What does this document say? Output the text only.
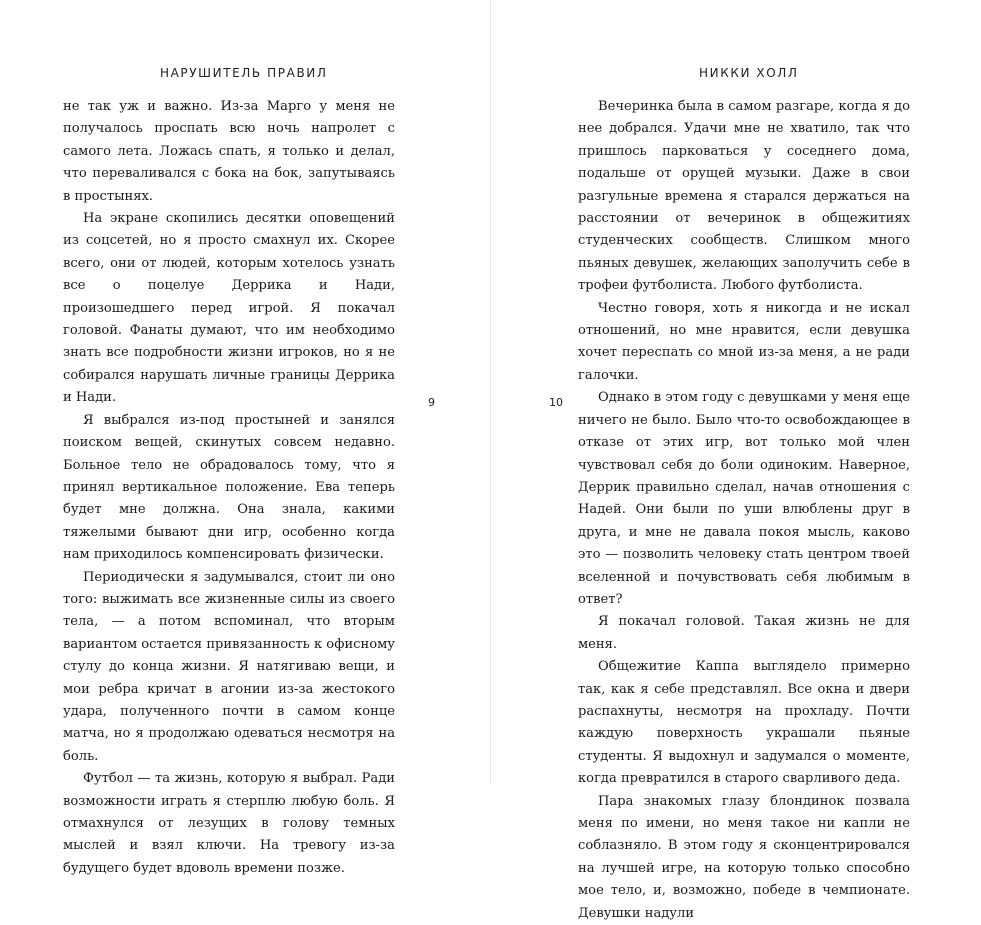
НАРУШИТЕЛЬ ПРАВИЛ
9

не так уж и важно. Из-за Марго у меня не получалось проспать всю ночь напролет с самого лета. Ложась спать, я только и делал, что переваливался с бока на бок, запутываясь в простынях.

На экране скопились десятки оповещений из соцсетей, но я просто смахнул их. Скорее всего, они от людей, которым хотелось узнать все о поцелуе Деррика и Нади, произошедшего перед игрой. Я покачал головой. Фанаты думают, что им необходимо знать все подробности жизни игроков, но я не собирался нарушать личные границы Деррика и Нади.

Я выбрался из-под простыней и занялся поиском вещей, скинутых совсем недавно. Больное тело не обрадовалось тому, что я принял вертикальное положение. Ева теперь будет мне должна. Она знала, какими тяжелыми бывают дни игр, особенно когда нам приходилось компенсировать физически.

Периодически я задумывался, стоит ли оно того: выжимать все жизненные силы из своего тела, — а потом вспоминал, что вторым вариантом остается привязанность к офисному стулу до конца жизни. Я натягиваю вещи, и мои ребра кричат в агонии из-за жестокого удара, полученного почти в самом конце матча, но я продолжаю одеваться несмотря на боль.

Футбол — та жизнь, которую я выбрал. Ради возможности играть я стерплю любую боль. Я отмахнулся от лезущих в голову темных мыслей и взял ключи. На тревогу из-за будущего будет вдоволь времени позже.

НИККИ ХОЛЛ
10

Вечеринка была в самом разгаре, когда я до нее добрался. Удачи мне не хватило, так что пришлось парковаться у соседнего дома, подальше от орущей музыки. Даже в свои разгульные времена я старался держаться на расстоянии от вечеринок в общежитиях студенческих сообществ. Слишком много пьяных девушек, желающих заполучить себе в трофеи футболиста. Любого футболиста.

Честно говоря, хоть я никогда и не искал отношений, но мне нравится, если девушка хочет переспать со мной из-за меня, а не ради галочки.

Однако в этом году с девушками у меня еще ничего не было. Было что-то освобождающее в отказе от этих игр, вот только мой член чувствовал себя до боли одиноким. Наверное, Деррик правильно сделал, начав отношения с Надей. Они были по уши влюблены друг в друга, и мне не давала покоя мысль, каково это — позволить человеку стать центром твоей вселенной и почувствовать себя любимым в ответ?

Я покачал головой. Такая жизнь не для меня.

Общежитие Каппа выглядело примерно так, как я себе представлял. Все окна и двери распахнуты, несмотря на прохладу. Почти каждую поверхность украшали пьяные студенты. Я выдохнул и задумался о моменте, когда превратился в старого сварливого деда.

Пара знакомых глазу блондинок позвала меня по имени, но меня такое ни капли не соблазняло. В этом году я сконцентрировался на лучшей игре, на которую только способно мое тело, и, возможно, победе в чемпионате. Девушки надули
